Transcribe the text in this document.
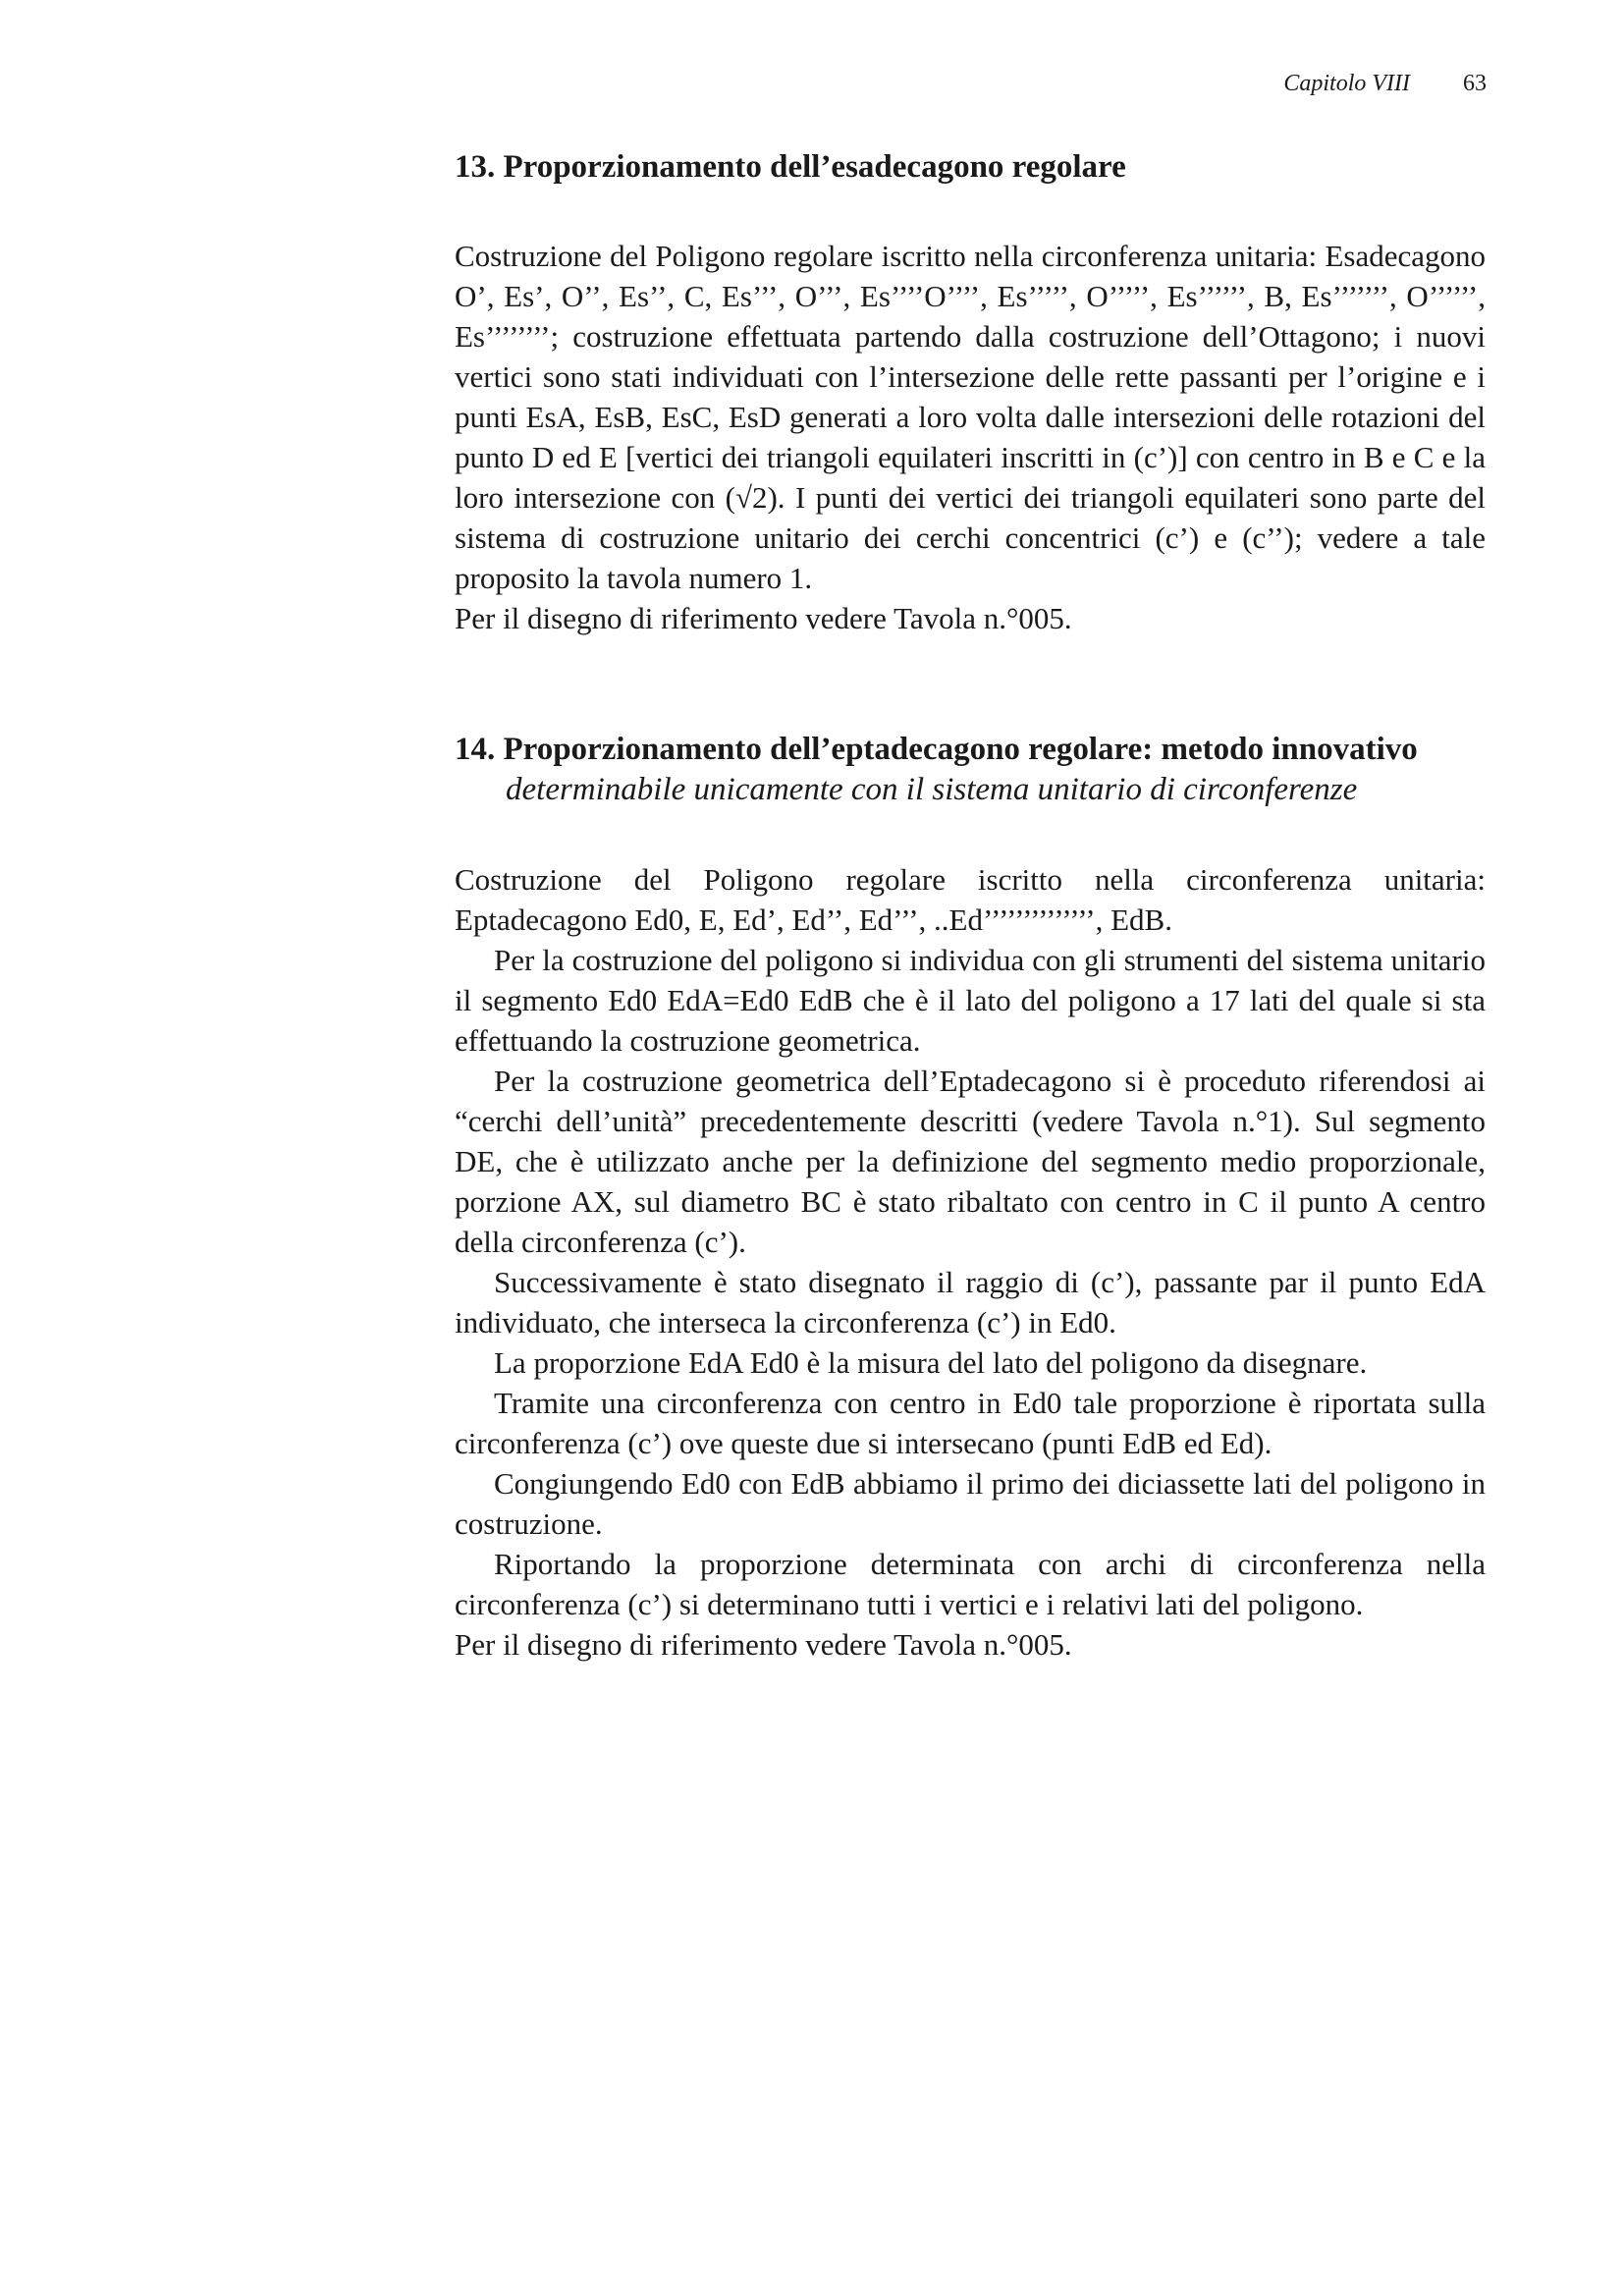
Capitolo VIII 63
13. Proporzionamento dell’esadecagono regolare

Costruzione del Poligono regolare iscritto nella circonferenza unitaria: Esadecagono O’, Es’, O’’, Es’’, C, Es’’’, O’’’, Es’’’’O’’’’, Es’’’’’, O’’’’’, Es’’’’’’, B, Es’’’’’’’, O’’’’’’, Es’’’’’’’’; costruzione effettuata partendo dalla costruzione dell’Ottagono; i nuovi vertici sono stati individuati con l’intersezione delle rette passanti per l’origine e i punti EsA, EsB, EsC, EsD generati a loro volta dalle intersezioni delle rotazioni del punto D ed E [vertici dei triangoli equilateri inscritti in (c’)] con centro in B e C e la loro intersezione con (√2). I punti dei vertici dei triangoli equilateri sono parte del sistema di costruzione unitario dei cerchi concentrici (c’) e (c’’); vedere a tale proposito la tavola numero 1.

Per il disegno di riferimento vedere Tavola n.°005.

14. Proporzionamento dell’eptadecagono regolare: metodo innovativo

determinabile unicamente con il sistema unitario di circonferenze

Costruzione del Poligono regolare iscritto nella circonferenza unitaria: Eptadecagono Ed0, E, Ed’, Ed’’, Ed’’’, ..Ed’’’’’’’’’’’’’’, EdB.

Per la costruzione del poligono si individua con gli strumenti del sistema unitario il segmento Ed0 EdA=Ed0 EdB che è il lato del poligono a 17 lati del quale si sta effettuando la costruzione geometrica.

Per la costruzione geometrica dell’Eptadecagono si è proceduto riferendosi ai “cerchi dell’unità” precedentemente descritti (vedere Tavola n.°1). Sul segmento DE, che è utilizzato anche per la definizione del segmento medio proporzionale, porzione AX, sul diametro BC è stato ribaltato con centro in C il punto A centro della circonferenza (c’).

Successivamente è stato disegnato il raggio di (c’), passante par il punto EdA individuato, che interseca la circonferenza (c’) in Ed0.

La proporzione EdA Ed0 è la misura del lato del poligono da disegnare.

Tramite una circonferenza con centro in Ed0 tale proporzione è riportata sulla circonferenza (c’) ove queste due si intersecano (punti EdB ed Ed).

Congiungendo Ed0 con EdB abbiamo il primo dei diciassette lati del poligono in costruzione.

Riportando la proporzione determinata con archi di circonferenza nella circonferenza (c’) si determinano tutti i vertici e i relativi lati del poligono.

Per il disegno di riferimento vedere Tavola n.°005.
